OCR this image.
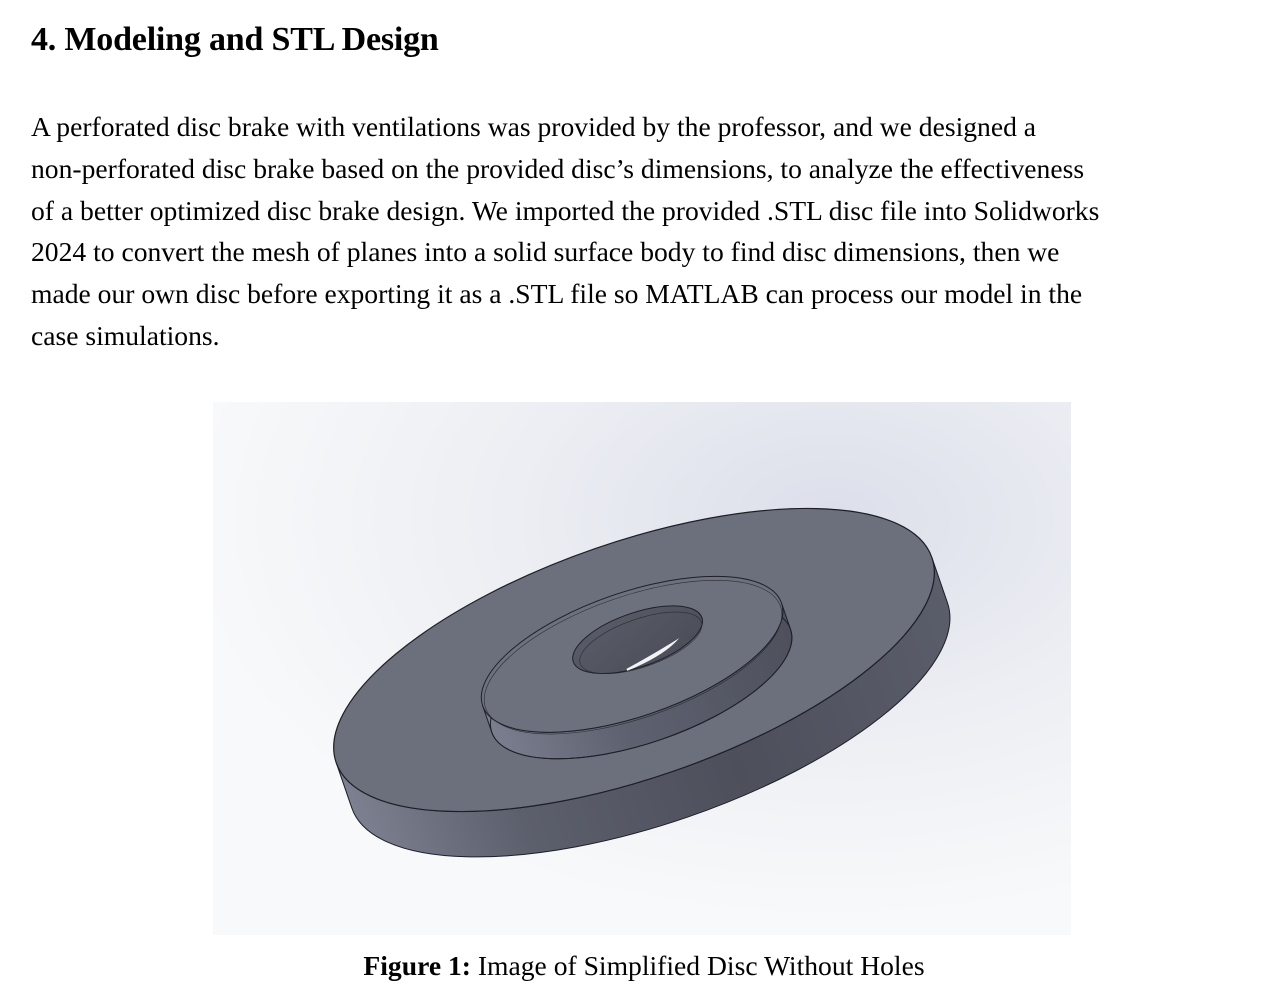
4. Modeling and STL Design

A perforated disc brake with ventilations was provided by the professor, and we designed a
non-perforated disc brake based on the provided disc’s dimensions, to analyze the effectiveness
of a better optimized disc brake design. We imported the provided .STL disc file into Solidworks
2024 to convert the mesh of planes into a solid surface body to find disc dimensions, then we
made our own disc before exporting it as a .STL file so MATLAB can process our model in the
case simulations.

Figure 1: Image of Simplified Disc Without Holes
